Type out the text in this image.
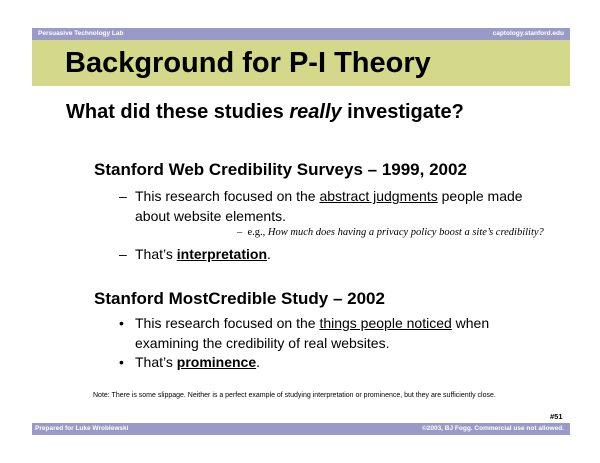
Persuasive Technology Lab	captology.stanford.edu
Background for P-I Theory
What did these studies really investigate?
Stanford Web Credibility Surveys – 1999, 2002
– This research focused on the abstract judgments people made
about website elements.
– e.g., How much does having a privacy policy boost a site’s credibility?
– That’s interpretation.
Stanford MostCredible Study – 2002
• This research focused on the things people noticed when
examining the credibility of real websites.
• That’s prominence.
Note: There is some slippage. Neither is a perfect example of studying interpretation or prominence, but they are sufficiently close.
#51
Prepared for Luke Wroblewski	©2003, BJ Fogg. Commercial use not allowed.
